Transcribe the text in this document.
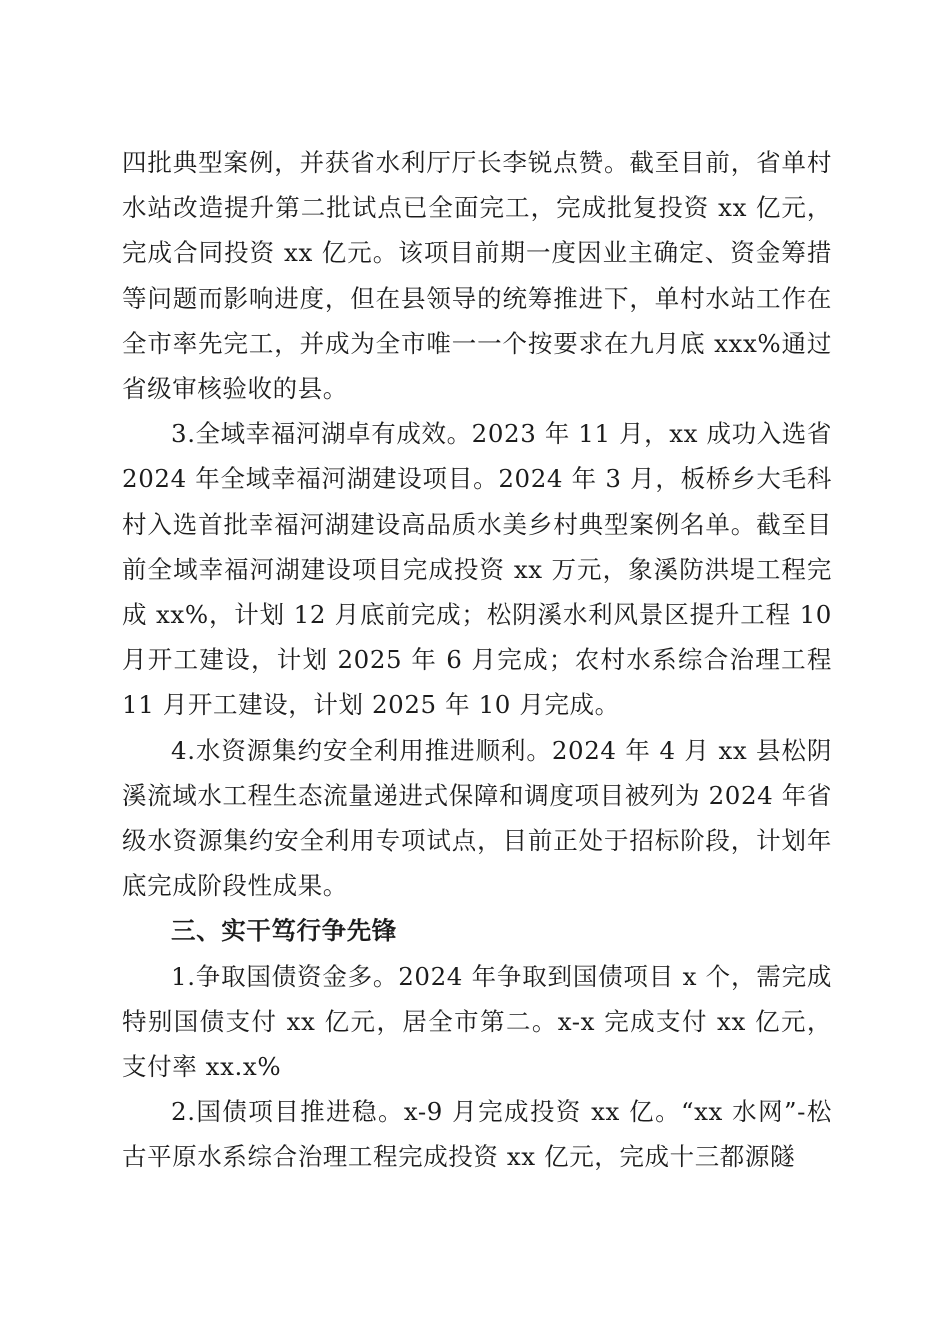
四批典型案例，并获省水利厅厅长李锐点赞。截至目前，省单村水站改造提升第二批试点已全面完工，完成批复投资 xx 亿元，完成合同投资 xx 亿元。该项目前期一度因业主确定、资金筹措等问题而影响进度，但在县领导的统筹推进下，单村水站工作在全市率先完工，并成为全市唯一一个按要求在九月底 xxx%通过省级审核验收的县。

3.全域幸福河湖卓有成效。2023 年 11 月，xx 成功入选省 2024 年全域幸福河湖建设项目。2024 年 3 月，板桥乡大毛科村入选首批幸福河湖建设高品质水美乡村典型案例名单。截至目前全域幸福河湖建设项目完成投资 xx 万元，象溪防洪堤工程完成 xx%，计划 12 月底前完成；松阴溪水利风景区提升工程 10 月开工建设，计划 2025 年 6 月完成；农村水系综合治理工程 11 月开工建设，计划 2025 年 10 月完成。

4.水资源集约安全利用推进顺利。2024 年 4 月 xx 县松阴溪流域水工程生态流量递进式保障和调度项目被列为 2024 年省级水资源集约安全利用专项试点，目前正处于招标阶段，计划年底完成阶段性成果。

三、实干笃行争先锋

1.争取国债资金多。2024 年争取到国债项目 x 个，需完成特别国债支付 xx 亿元，居全市第二。x-x 完成支付 xx 亿元，支付率 xx.x%

2.国债项目推进稳。x-9 月完成投资 xx 亿。“xx 水网”-松古平原水系综合治理工程完成投资 xx 亿元，完成十三都源隧
